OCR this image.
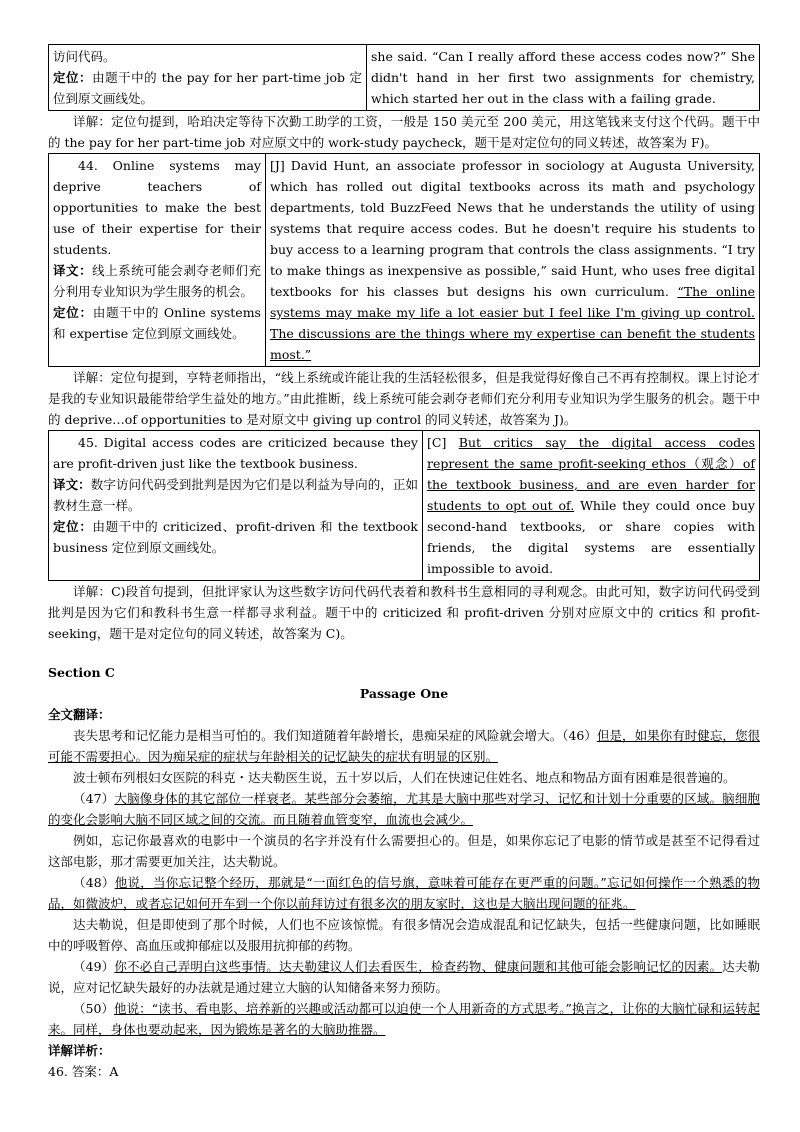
访问代码。
定位：由题干中的 the pay for her part-time job 定位到原文画线处。
	she said. “Can I really afford these access codes now?” She didn't hand in her first two assignments for chemistry, which started her out in the class with a failing grade.

详解：定位句提到，哈珀决定等待下次勤工助学的工资，一般是 150 美元至 200 美元，用这笔钱来支付这个代码。题干中的 the pay for her part-time job 对应原文中的 work-study paycheck，题干是对定位句的同义转述，故答案为 F)。

44. Online systems may deprive teachers of opportunities to make the best use of their expertise for their students.
译文：线上系统可能会剥夺老师们充分利用专业知识为学生服务的机会。
定位：由题干中的 Online systems 和 expertise 定位到原文画线处。
	[J] David Hunt, an associate professor in sociology at Augusta University, which has rolled out digital textbooks across its math and psychology departments, told BuzzFeed News that he understands the utility of using systems that require access codes. But he doesn't require his students to buy access to a learning program that controls the class assignments. “I try to make things as inexpensive as possible,” said Hunt, who uses free digital textbooks for his classes but designs his own curriculum. “The online systems may make my life a lot easier but I feel like I'm giving up control. The discussions are the things where my expertise can benefit the students most.”

详解：定位句提到，亨特老师指出，“线上系统或许能让我的生活轻松很多，但是我觉得好像自己不再有控制权。课上讨论才是我的专业知识最能带给学生益处的地方。”由此推断，线上系统可能会剥夺老师们充分利用专业知识为学生服务的机会。题干中的 deprive…of opportunities to 是对原文中 giving up control 的同义转述，故答案为 J)。

45. Digital access codes are criticized because they are profit-driven just like the textbook business.
译文：数字访问代码受到批判是因为它们是以利益为导向的，正如教材生意一样。
定位：由题干中的 criticized、profit-driven 和 the textbook business 定位到原文画线处。
	[C] But critics say the digital access codes represent the same profit-seeking ethos（观念）of the textbook business, and are even harder for students to opt out of. While they could once buy second-hand textbooks, or share copies with friends, the digital systems are essentially impossible to avoid.

详解：C)段首句提到，但批评家认为这些数字访问代码代表着和教科书生意相同的寻利观念。由此可知，数字访问代码受到批判是因为它们和教科书生意一样都寻求利益。题干中的 criticized 和 profit-driven 分别对应原文中的 critics 和 profit-seeking，题干是对定位句的同义转述，故答案为 C)。

Section C

Passage One

全文翻译：

丧失思考和记忆能力是相当可怕的。我们知道随着年龄增长，患痴呆症的风险就会增大。（46）但是，如果你有时健忘，您很可能不需要担心。因为痴呆症的症状与年龄相关的记忆缺失的症状有明显的区别。

波士顿布列根妇女医院的科克・达夫勒医生说，五十岁以后，人们在快速记住姓名、地点和物品方面有困难是很普遍的。

（47）大脑像身体的其它部位一样衰老。某些部分会萎缩，尤其是大脑中那些对学习、记忆和计划十分重要的区域。脑细胞的变化会影响大脑不同区域之间的交流。而且随着血管变窄，血流也会减少。

例如，忘记你最喜欢的电影中一个演员的名字并没有什么需要担心的。但是，如果你忘记了电影的情节或是甚至不记得看过这部电影，那才需要更加关注，达夫勒说。

（48）他说，当你忘记整个经历，那就是“一面红色的信号旗，意味着可能存在更严重的问题。”忘记如何操作一个熟悉的物品，如微波炉，或者忘记如何开车到一个你以前拜访过有很多次的朋友家时，这也是大脑出现问题的征兆。

达夫勒说，但是即使到了那个时候，人们也不应该惊慌。有很多情况会造成混乱和记忆缺失，包括一些健康问题，比如睡眠中的呼吸暂停、高血压或抑郁症以及服用抗抑郁的药物。

（49）你不必自己弄明白这些事情。达夫勒建议人们去看医生，检查药物、健康问题和其他可能会影响记忆的因素。达夫勒说，应对记忆缺失最好的办法就是通过建立大脑的认知储备来努力预防。

（50）他说：“读书、看电影、培养新的兴趣或活动都可以迫使一个人用新奇的方式思考。”换言之，让你的大脑忙碌和运转起来。同样，身体也要动起来，因为锻炼是著名的大脑助推器。

详解详析：
46. 答案：A
